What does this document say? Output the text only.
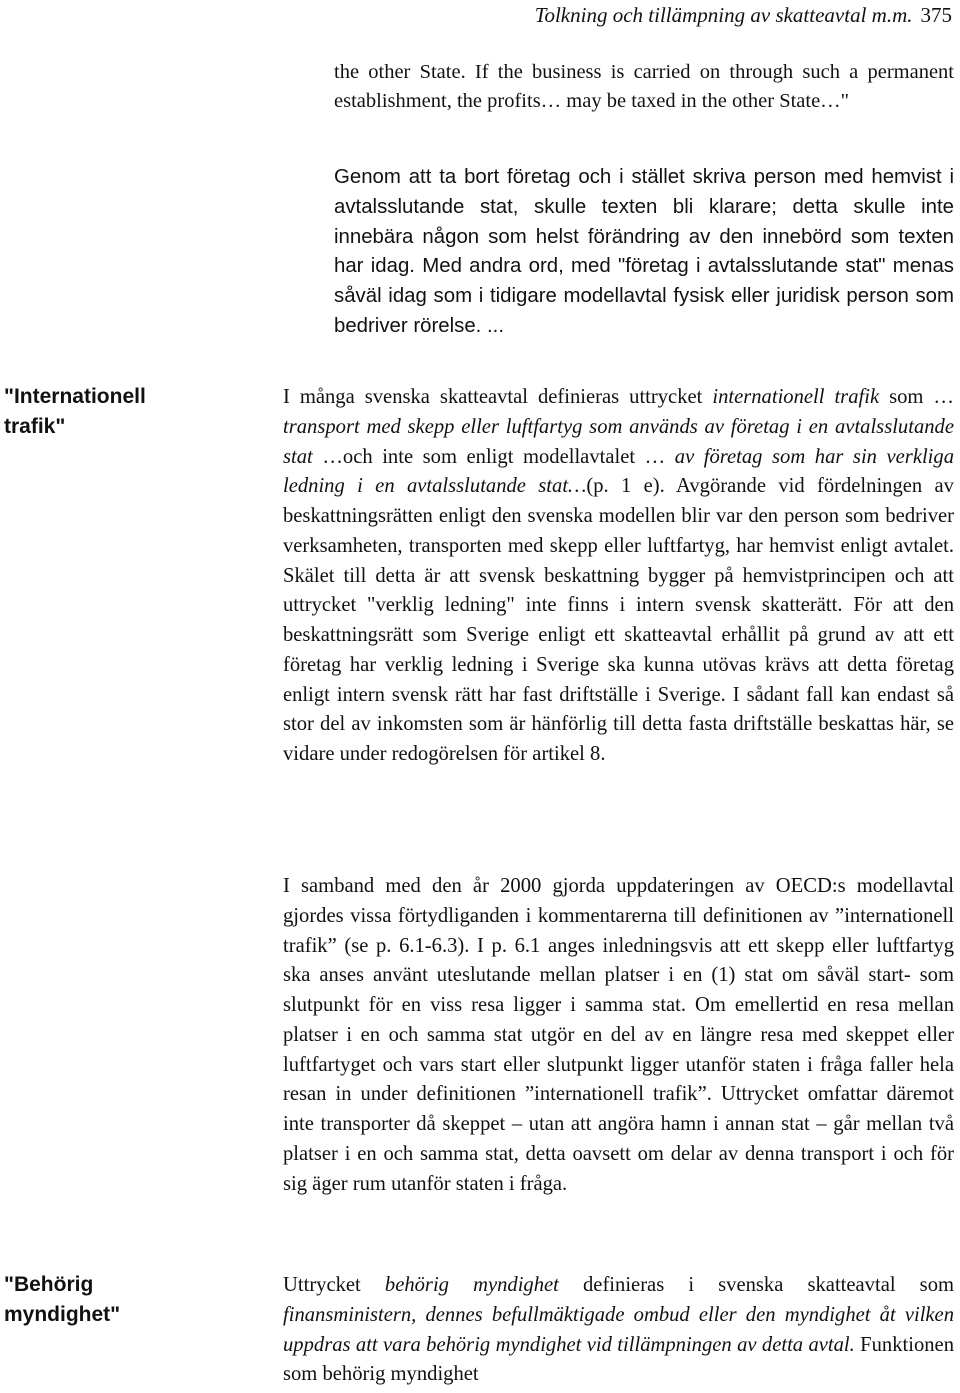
Tolkning och tillämpning av skatteavtal m.m. 375
the other State. If the business is carried on through such a permanent establishment, the profits… may be taxed in the other State…"
Genom att ta bort företag och i stället skriva person med hemvist i avtalsslutande stat, skulle texten bli klarare; detta skulle inte innebära någon som helst förändring av den innebörd som texten har idag. Med andra ord, med "företag i avtalsslutande stat" menas såväl idag som i tidigare modellavtal fysisk eller juridisk person som bedriver rörelse. ...
"Internationell
trafik"
I många svenska skatteavtal definieras uttrycket internationell trafik som … transport med skepp eller luftfartyg som används av företag i en avtalsslutande stat …och inte som enligt modellavtalet … av företag som har sin verkliga ledning i en avtalsslutande stat…(p. 1 e). Avgörande vid fördelningen av beskattningsrätten enligt den svenska modellen blir var den person som bedriver verksamheten, transporten med skepp eller luftfartyg, har hemvist enligt avtalet. Skälet till detta är att svensk beskattning bygger på hemvistprincipen och att uttrycket "verklig ledning" inte finns i intern svensk skatterätt. För att den beskattningsrätt som Sverige enligt ett skatteavtal erhållit på grund av att ett företag har verklig ledning i Sverige ska kunna utövas krävs att detta företag enligt intern svensk rätt har fast driftställe i Sverige. I sådant fall kan endast så stor del av inkomsten som är hänförlig till detta fasta driftställe beskattas här, se vidare under redogörelsen för artikel 8.
I samband med den år 2000 gjorda uppdateringen av OECD:s modellavtal gjordes vissa förtydliganden i kommentarerna till definitionen av ”internationell trafik” (se p. 6.1-6.3). I p. 6.1 anges inledningsvis att ett skepp eller luftfartyg ska anses använt uteslutande mellan platser i en (1) stat om såväl start- som slutpunkt för en viss resa ligger i samma stat. Om emellertid en resa mellan platser i en och samma stat utgör en del av en längre resa med skeppet eller luftfartyget och vars start eller slutpunkt ligger utanför staten i fråga faller hela resan in under definitionen ”internationell trafik”. Uttrycket omfattar däremot inte transporter då skeppet – utan att angöra hamn i annan stat – går mellan två platser i en och samma stat, detta oavsett om delar av denna transport i och för sig äger rum utanför staten i fråga.
"Behörig
myndighet"
Uttrycket behörig myndighet definieras i svenska skatteavtal som finansministern, dennes befullmäktigade ombud eller den myndighet åt vilken uppdras att vara behörig myndighet vid tillämpningen av detta avtal. Funktionen som behörig myndighet
